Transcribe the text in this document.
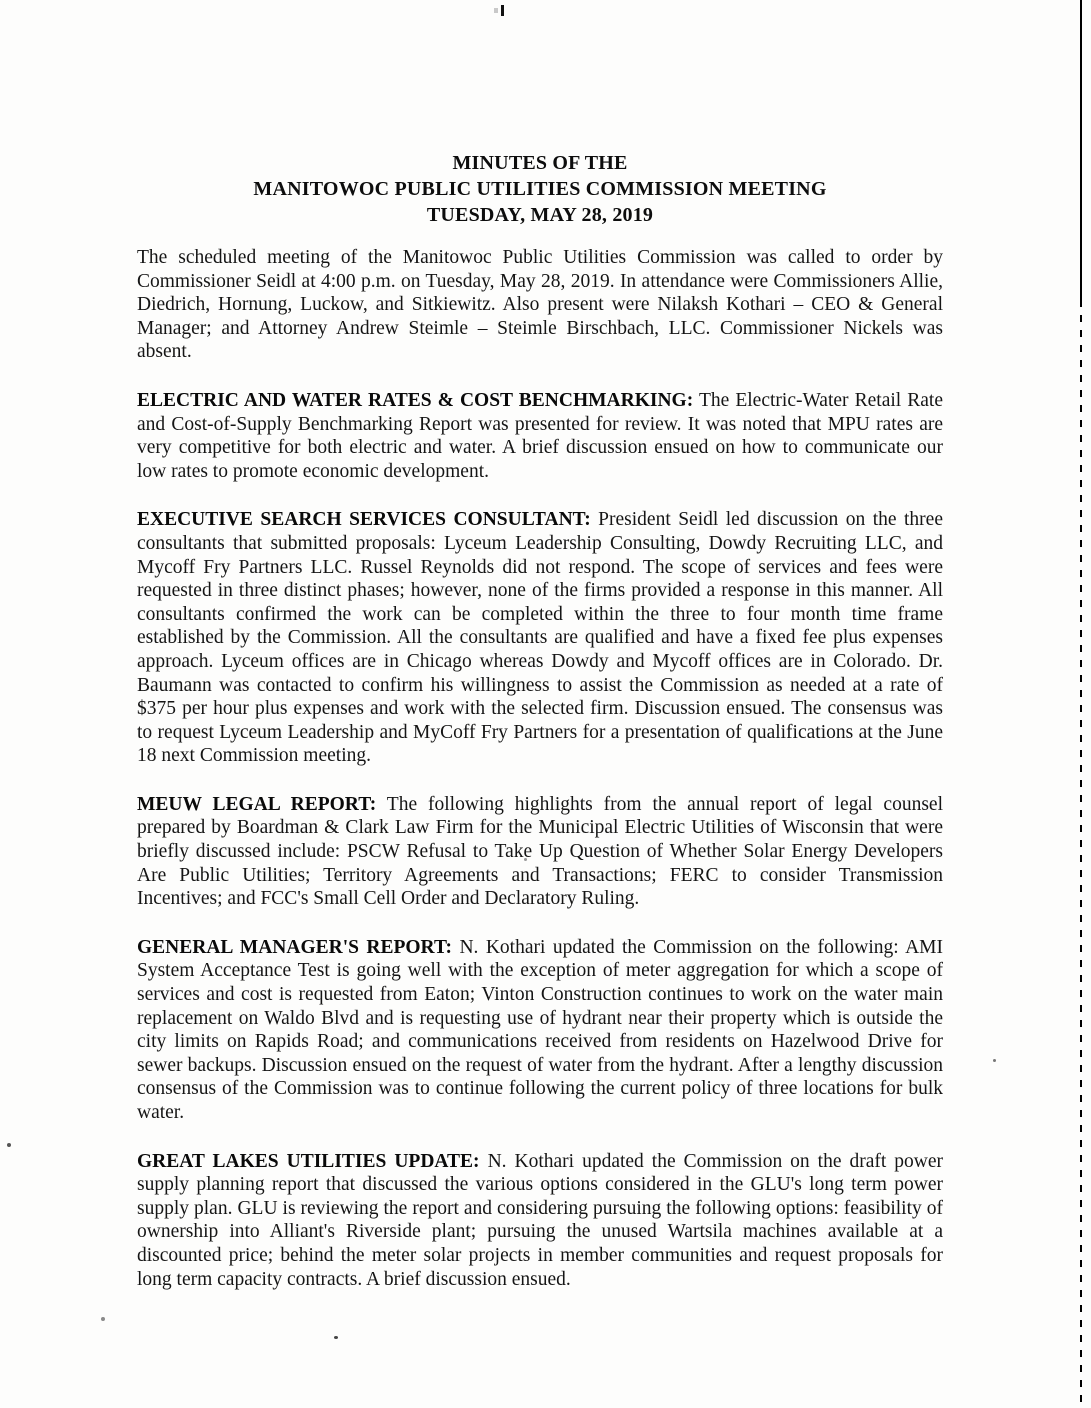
MINUTES OF THE
MANITOWOC PUBLIC UTILITIES COMMISSION MEETING
TUESDAY, MAY 28, 2019

The scheduled meeting of the Manitowoc Public Utilities Commission was called to order by Commissioner Seidl at 4:00 p.m. on Tuesday, May 28, 2019. In attendance were Commissioners Allie, Diedrich, Hornung, Luckow, and Sitkiewitz. Also present were Nilaksh Kothari – CEO & General Manager; and Attorney Andrew Steimle – Steimle Birschbach, LLC. Commissioner Nickels was absent.

ELECTRIC AND WATER RATES & COST BENCHMARKING: The Electric-Water Retail Rate and Cost-of-Supply Benchmarking Report was presented for review. It was noted that MPU rates are very competitive for both electric and water. A brief discussion ensued on how to communicate our low rates to promote economic development.

EXECUTIVE SEARCH SERVICES CONSULTANT: President Seidl led discussion on the three consultants that submitted proposals: Lyceum Leadership Consulting, Dowdy Recruiting LLC, and Mycoff Fry Partners LLC. Russel Reynolds did not respond. The scope of services and fees were requested in three distinct phases; however, none of the firms provided a response in this manner. All consultants confirmed the work can be completed within the three to four month time frame established by the Commission. All the consultants are qualified and have a fixed fee plus expenses approach. Lyceum offices are in Chicago whereas Dowdy and Mycoff offices are in Colorado. Dr. Baumann was contacted to confirm his willingness to assist the Commission as needed at a rate of $375 per hour plus expenses and work with the selected firm. Discussion ensued. The consensus was to request Lyceum Leadership and MyCoff Fry Partners for a presentation of qualifications at the June 18 next Commission meeting.

MEUW LEGAL REPORT: The following highlights from the annual report of legal counsel prepared by Boardman & Clark Law Firm for the Municipal Electric Utilities of Wisconsin that were briefly discussed include: PSCW Refusal to Take Up Question of Whether Solar Energy Developers Are Public Utilities; Territory Agreements and Transactions; FERC to consider Transmission Incentives; and FCC's Small Cell Order and Declaratory Ruling.

GENERAL MANAGER'S REPORT: N. Kothari updated the Commission on the following: AMI System Acceptance Test is going well with the exception of meter aggregation for which a scope of services and cost is requested from Eaton; Vinton Construction continues to work on the water main replacement on Waldo Blvd and is requesting use of hydrant near their property which is outside the city limits on Rapids Road; and communications received from residents on Hazelwood Drive for sewer backups. Discussion ensued on the request of water from the hydrant. After a lengthy discussion consensus of the Commission was to continue following the current policy of three locations for bulk water.

GREAT LAKES UTILITIES UPDATE: N. Kothari updated the Commission on the draft power supply planning report that discussed the various options considered in the GLU's long term power supply plan. GLU is reviewing the report and considering pursuing the following options: feasibility of ownership into Alliant's Riverside plant; pursuing the unused Wartsila machines available at a discounted price; behind the meter solar projects in member communities and request proposals for long term capacity contracts. A brief discussion ensued.
